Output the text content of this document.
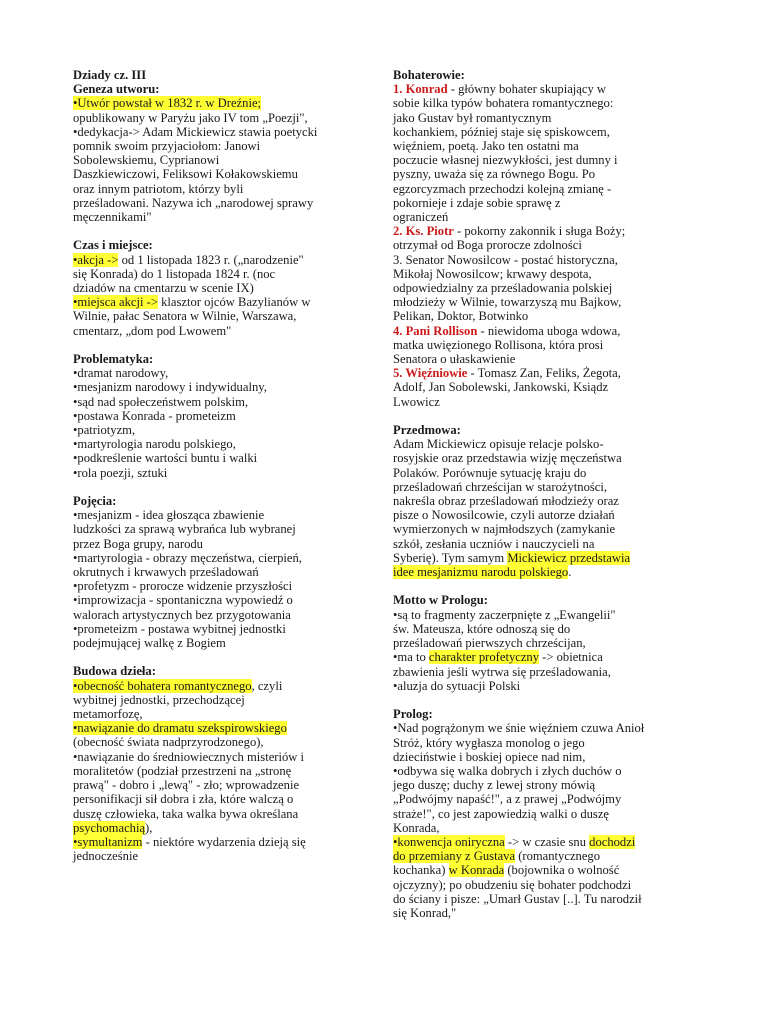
Dziady cz. III
Geneza utworu:
•Utwór powstał w 1832 r. w Dreźnie;
opublikowany w Paryżu jako IV tom „Poezji",
•dedykacja-> Adam Mickiewicz stawia poetycki
pomnik swoim przyjaciołom: Janowi
Sobolewskiemu, Cyprianowi
Daszkiewiczowi, Feliksowi Kołakowskiemu
oraz innym patriotom, którzy byli
prześladowani. Nazywa ich „narodowej sprawy
męczennikami"
Czas i miejsce:
•akcja -> od 1 listopada 1823 r. („narodzenie"
się Konrada) do 1 listopada 1824 r. (noc
dziadów na cmentarzu w scenie IX)
•miejsca akcji -> klasztor ojców Bazylianów w
Wilnie, pałac Senatora w Wilnie, Warszawa,
cmentarz, „dom pod Lwowem"
Problematyka:
•dramat narodowy,
•mesjanizm narodowy i indywidualny,
•sąd nad społeczeństwem polskim,
•postawa Konrada - prometeizm
•patriotyzm,
•martyrologia narodu polskiego,
•podkreślenie wartości buntu i walki
•rola poezji, sztuki
Pojęcia:
•mesjanizm - idea głosząca zbawienie
ludzkości za sprawą wybrańca lub wybranej
przez Boga grupy, narodu
•martyrologia - obrazy męczeństwa, cierpień,
okrutnych i krwawych prześladowań
•profetyzm - prorocze widzenie przyszłości
•improwizacja - spontaniczna wypowiedź o
walorach artystycznych bez przygotowania
•prometeizm - postawa wybitnej jednostki
podejmującej walkę z Bogiem
Budowa dzieła:
•obecność bohatera romantycznego, czyli
wybitnej jednostki, przechodzącej
metamorfozę,
•nawiązanie do dramatu szekspirowskiego
(obecność świata nadprzyrodzonego),
•nawiązanie do średniowiecznych misteriów i
moralitetów (podział przestrzeni na „stronę
prawą" - dobro i „lewą" - zło; wprowadzenie
personifikacji sił dobra i zła, które walczą o
duszę człowieka, taka walka bywa określana
psychomachią),
•symultanizm - niektóre wydarzenia dzieją się
jednocześnie
Bohaterowie:
1. Konrad - główny bohater skupiający w
sobie kilka typów bohatera romantycznego:
jako Gustav był romantycznym
kochankiem, później staje się spiskowcem,
więźniem, poetą. Jako ten ostatni ma
poczucie własnej niezwykłości, jest dumny i
pyszny, uważa się za równego Bogu. Po
egzorcyzmach przechodzi kolejną zmianę -
pokornieje i zdaje sobie sprawę z
ograniczeń
2. Ks. Piotr - pokorny zakonnik i sługa Boży;
otrzymał od Boga prorocze zdolności
3. Senator Nowosilcow - postać historyczna,
Mikołaj Nowosilcow; krwawy despota,
odpowiedzialny za prześladowania polskiej
młodzieży w Wilnie, towarzyszą mu Bajkow,
Pelikan, Doktor, Botwinko
4. Pani Rollison - niewidoma uboga wdowa,
matka uwięzionego Rollisona, która prosi
Senatora o ułaskawienie
5. Więźniowie - Tomasz Zan, Feliks, Żegota,
Adolf, Jan Sobolewski, Jankowski, Ksiądz
Lwowicz
Przedmowa:
Adam Mickiewicz opisuje relacje polsko-
rosyjskie oraz przedstawia wizję męczeństwa
Polaków. Porównuje sytuację kraju do
prześladowań chrześcijan w starożytności,
nakreśla obraz prześladowań młodzieży oraz
pisze o Nowosilcowie, czyli autorze działań
wymierzonych w najmłodszych (zamykanie
szkół, zesłania uczniów i nauczycieli na
Syberię). Tym samym Mickiewicz przedstawia
idee mesjanizmu narodu polskiego.
Motto w Prologu:
•są to fragmenty zaczerpnięte z „Ewangelii"
św. Mateusza, które odnoszą się do
prześladowań pierwszych chrześcijan,
•ma to charakter profetyczny -> obietnica
zbawienia jeśli wytrwa się prześladowania,
•aluzja do sytuacji Polski
Prolog:
•Nad pogrążonym we śnie więźniem czuwa Anioł
Stróż, który wygłasza monolog o jego
dzieciństwie i boskiej opiece nad nim,
•odbywa się walka dobrych i złych duchów o
jego duszę; duchy z lewej strony mówią
„Podwójmy napaść!", a z prawej „Podwójmy
straże!", co jest zapowiedzią walki o duszę
Konrada,
•konwencja oniryczna -> w czasie snu dochodzi
do przemiany z Gustava (romantycznego
kochanka) w Konrada (bojownika o wolność
ojczyzny); po obudzeniu się bohater podchodzi
do ściany i pisze: „Umarł Gustav [..]. Tu narodził
się Konrad,"
